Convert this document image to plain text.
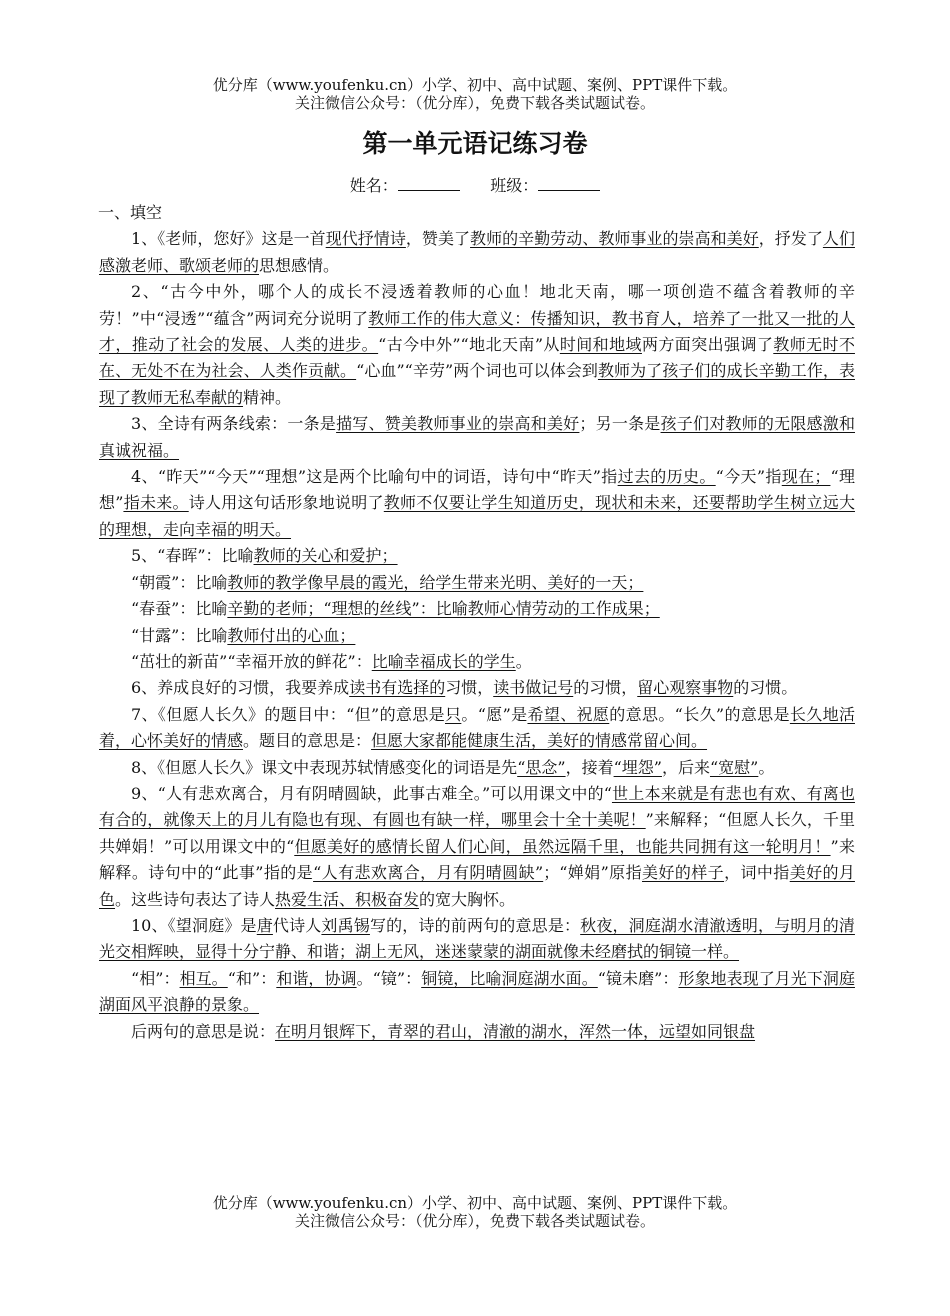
优分库（www.youfenku.cn）小学、初中、高中试题、案例、PPT课件下载。
关注微信公众号：（优分库），免费下载各类试题试卷。
第一单元语记练习卷
姓名：	班级：

一、填空

1、《老师，您好》这是一首现代抒情诗，赞美了教师的辛勤劳动、教师事业的崇高和美好，抒发了人们感激老师、歌颂老师的思想感情。

2、“古今中外，哪个人的成长不浸透着教师的心血！地北天南，哪一项创造不蕴含着教师的辛劳！”中“浸透”“蕴含”两词充分说明了教师工作的伟大意义：传播知识，教书育人，培养了一批又一批的人才，推动了社会的发展、人类的进步。“古今中外”“地北天南”从时间和地域两方面突出强调了教师无时不在、无处不在为社会、人类作贡献。“心血”“辛劳”两个词也可以体会到教师为了孩子们的成长辛勤工作，表现了教师无私奉献的精神。

3、全诗有两条线索：一条是描写、赞美教师事业的崇高和美好；另一条是孩子们对教师的无限感激和真诚祝福。

4、“昨天”“今天”“理想”这是两个比喻句中的词语，诗句中“昨天”指过去的历史。“今天”指现在；“理想”指未来。诗人用这句话形象地说明了教师不仅要让学生知道历史，现状和未来，还要帮助学生树立远大的理想，走向幸福的明天。

5、“春晖”：比喻教师的关心和爱护；

“朝霞”：比喻教师的教学像早晨的霞光，给学生带来光明、美好的一天；

“春蚕”：比喻辛勤的老师；“理想的丝线”：比喻教师心情劳动的工作成果；

“甘露”：比喻教师付出的心血；

“茁壮的新苗”“幸福开放的鲜花”：比喻幸福成长的学生。

6、养成良好的习惯，我要养成读书有选择的习惯，读书做记号的习惯，留心观察事物的习惯。

7、《但愿人长久》的题目中：“但”的意思是只。“愿”是希望、祝愿的意思。“长久”的意思是长久地活着，心怀美好的情感。题目的意思是：但愿大家都能健康生活，美好的情感常留心间。

8、《但愿人长久》课文中表现苏轼情感变化的词语是先“思念”，接着“埋怨”，后来“宽慰”。

9、“人有悲欢离合，月有阴晴圆缺，此事古难全。”可以用课文中的“世上本来就是有悲也有欢、有离也有合的，就像天上的月儿有隐也有现、有圆也有缺一样，哪里会十全十美呢！”来解释；“但愿人长久，千里共婵娟！”可以用课文中的“但愿美好的感情长留人们心间，虽然远隔千里，也能共同拥有这一轮明月！”来解释。诗句中的“此事”指的是“人有悲欢离合，月有阴晴圆缺”；“婵娟”原指美好的样子，词中指美好的月色。这些诗句表达了诗人热爱生活、积极奋发的宽大胸怀。

10、《望洞庭》是唐代诗人刘禹锡写的，诗的前两句的意思是：秋夜，洞庭湖水清澈透明，与明月的清光交相辉映，显得十分宁静、和谐；湖上无风，迷迷蒙蒙的湖面就像未经磨拭的铜镜一样。

“相”：相互。“和”：和谐，协调。“镜”：铜镜，比喻洞庭湖水面。“镜未磨”：形象地表现了月光下洞庭湖面风平浪静的景象。

后两句的意思是说：在明月银辉下，青翠的君山，清澈的湖水，浑然一体，远望如同银盘

优分库（www.youfenku.cn）小学、初中、高中试题、案例、PPT课件下载。
关注微信公众号：（优分库），免费下载各类试题试卷。
